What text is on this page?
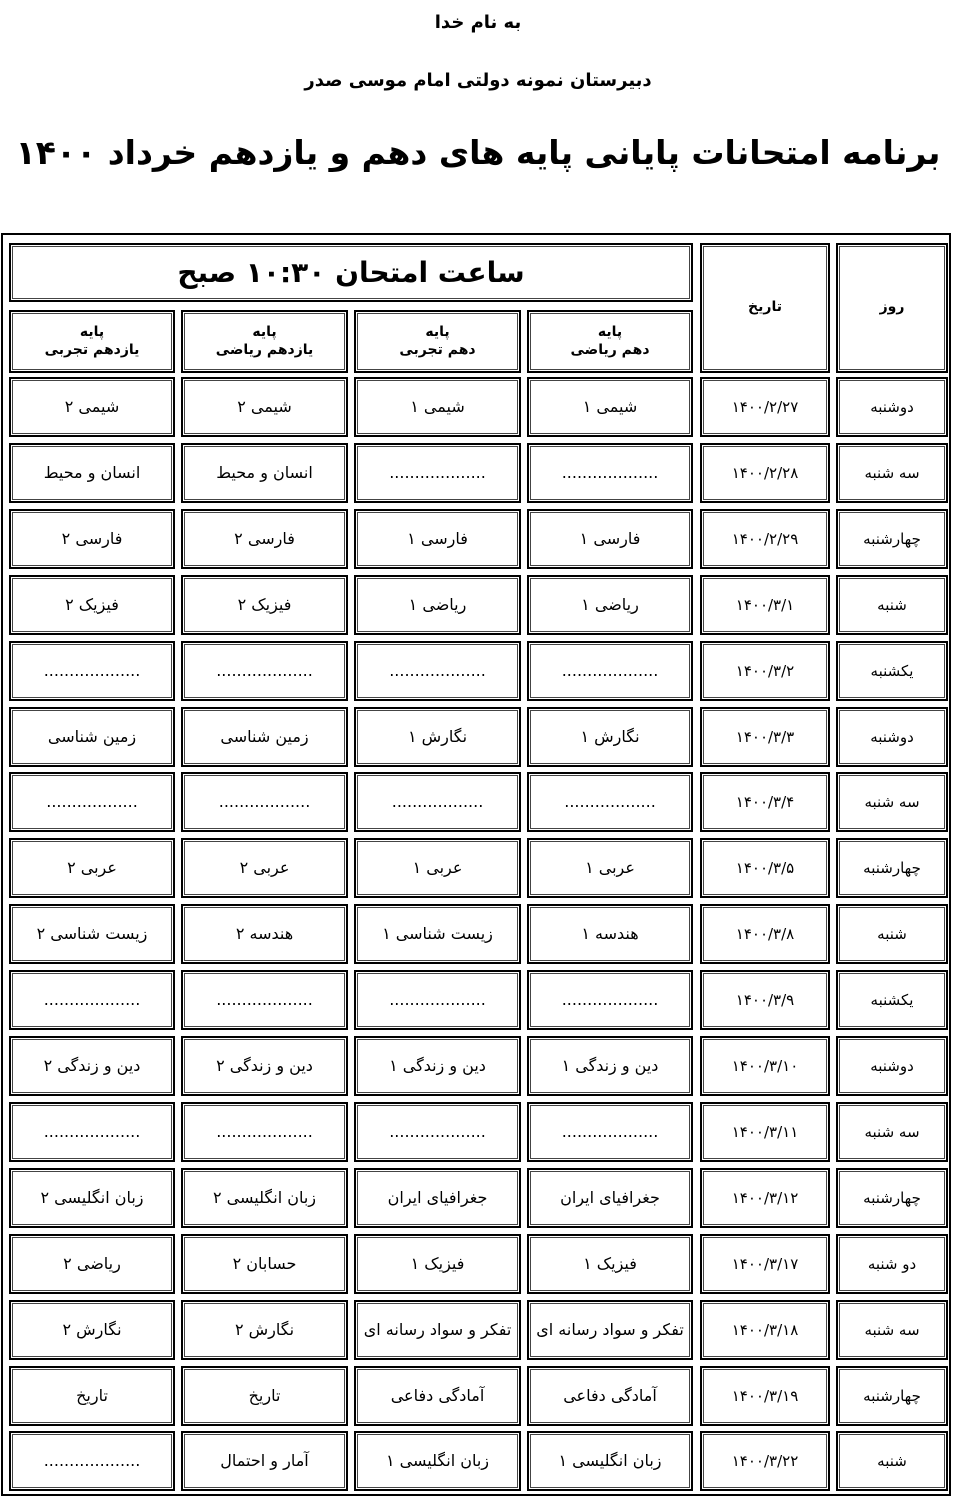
به نام خدا
دبیرستان نمونه دولتی امام موسی صدر
برنامه امتحانات پایانی پایه های دهم و یازدهم خرداد ۱۴۰۰
ساعت امتحان ۱۰:۳۰ صبح
تاریخ	روز
پایه
دهم ریاضی
پایه
دهم تجربی
پایه
یازدهم ریاضی
پایه
یازدهم تجربی
دوشنبه
۱۴۰۰/۲/۲۷
شیمی ۱
شیمی ۱
شیمی ۲
شیمی ۲
سه شنبه
۱۴۰۰/۲/۲۸
...................
...................
انسان و محیط
انسان و محیط
چهارشنبه
۱۴۰۰/۲/۲۹
فارسی ۱
فارسی ۱
فارسی ۲
فارسی ۲
شنبه
۱۴۰۰/۳/۱
ریاضی ۱
ریاضی ۱
فیزیک ۲
فیزیک ۲
یکشنبه
۱۴۰۰/۳/۲
...................
...................
...................
...................
دوشنبه
۱۴۰۰/۳/۳
نگارش ۱
نگارش ۱
زمین شناسی
زمین شناسی
سه شنبه
۱۴۰۰/۳/۴
..................
..................
..................
..................
چهارشنبه
۱۴۰۰/۳/۵
عربی ۱
عربی ۱
عربی ۲
عربی ۲
شنبه
۱۴۰۰/۳/۸
هندسه ۱
زیست شناسی ۱
هندسه ۲
زیست شناسی ۲
یکشنبه
۱۴۰۰/۳/۹
...................
...................
...................
...................
دوشنبه
۱۴۰۰/۳/۱۰
دین و زندگی ۱
دین و زندگی ۱
دین و زندگی ۲
دین و زندگی ۲
سه شنبه
۱۴۰۰/۳/۱۱
...................
...................
...................
...................
چهارشنبه
۱۴۰۰/۳/۱۲
جغرافیای ایران
جغرافیای ایران
زبان انگلیسی ۲
زبان انگلیسی ۲
دو شنبه
۱۴۰۰/۳/۱۷
فیزیک ۱
فیزیک ۱
حسابان ۲
ریاضی ۲
سه شنبه
۱۴۰۰/۳/۱۸
تفکر و سواد رسانه ای
تفکر و سواد رسانه ای
نگارش ۲
نگارش ۲
چهارشنبه
۱۴۰۰/۳/۱۹
آمادگی دفاعی
آمادگی دفاعی
تاریخ
تاریخ
شنبه
۱۴۰۰/۳/۲۲
زبان انگلیسی ۱
زبان انگلیسی ۱
آمار و احتمال
...................
